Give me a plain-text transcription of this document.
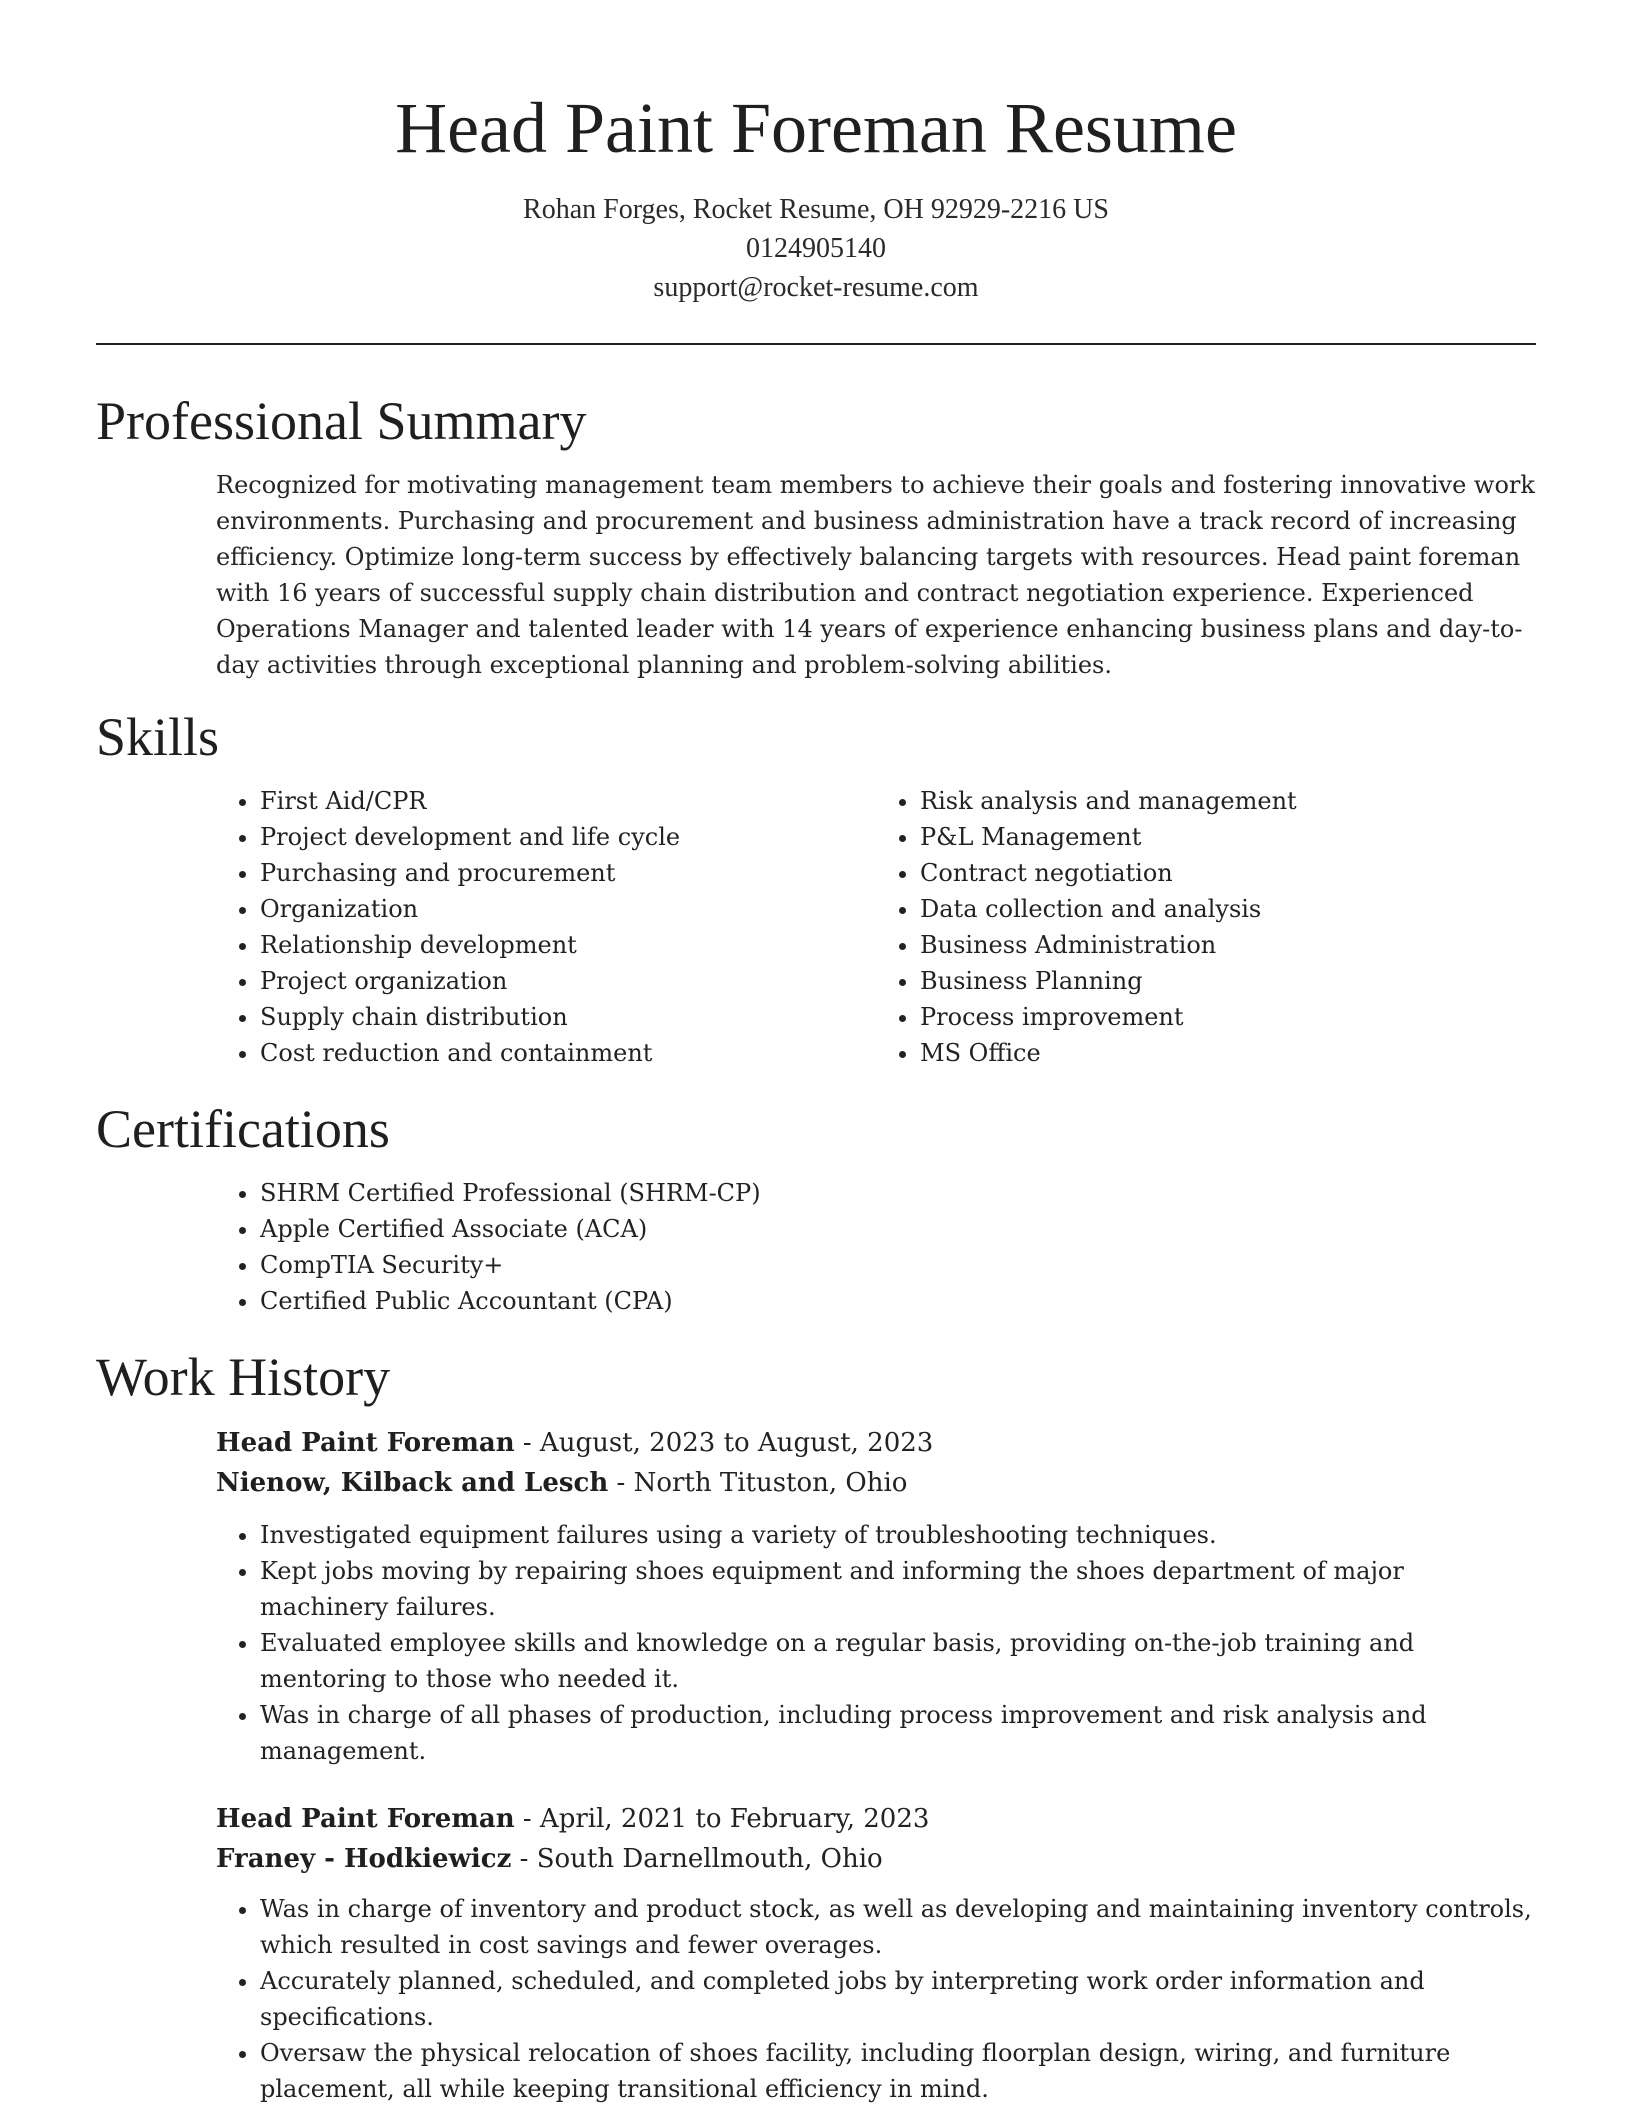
Head Paint Foreman Resume
Rohan Forges, Rocket Resume, OH 92929-2216 US
0124905140
support@rocket-resume.com
Professional Summary

Recognized for motivating management team members to achieve their goals and fostering innovative work environments. Purchasing and procurement and business administration have a track record of increasing efficiency. Optimize long-term success by effectively balancing targets with resources. Head paint foreman with 16 years of successful supply chain distribution and contract negotiation experience. Experienced Operations Manager and talented leader with 14 years of experience enhancing business plans and day-to-day activities through exceptional planning and problem-solving abilities.

Skills
• First Aid/CPR
• Project development and life cycle
• Purchasing and procurement
• Organization
• Relationship development
• Project organization
• Supply chain distribution
• Cost reduction and containment
• Risk analysis and management
• P&L Management
• Contract negotiation
• Data collection and analysis
• Business Administration
• Business Planning
• Process improvement
• MS Office
Certifications
• SHRM Certified Professional (SHRM-CP)
• Apple Certified Associate (ACA)
• CompTIA Security+
• Certified Public Accountant (CPA)
Work History
Head Paint Foreman - August, 2023 to August, 2023
Nienow, Kilback and Lesch - North Tituston, Ohio
• Investigated equipment failures using a variety of troubleshooting techniques.
• Kept jobs moving by repairing shoes equipment and informing the shoes department of major machinery failures.
• Evaluated employee skills and knowledge on a regular basis, providing on-the-job training and mentoring to those who needed it.
• Was in charge of all phases of production, including process improvement and risk analysis and management.
Head Paint Foreman - April, 2021 to February, 2023
Franey - Hodkiewicz - South Darnellmouth, Ohio
• Was in charge of inventory and product stock, as well as developing and maintaining inventory controls, which resulted in cost savings and fewer overages.
• Accurately planned, scheduled, and completed jobs by interpreting work order information and specifications.
• Oversaw the physical relocation of shoes facility, including floorplan design, wiring, and furniture placement, all while keeping transitional efficiency in mind.
